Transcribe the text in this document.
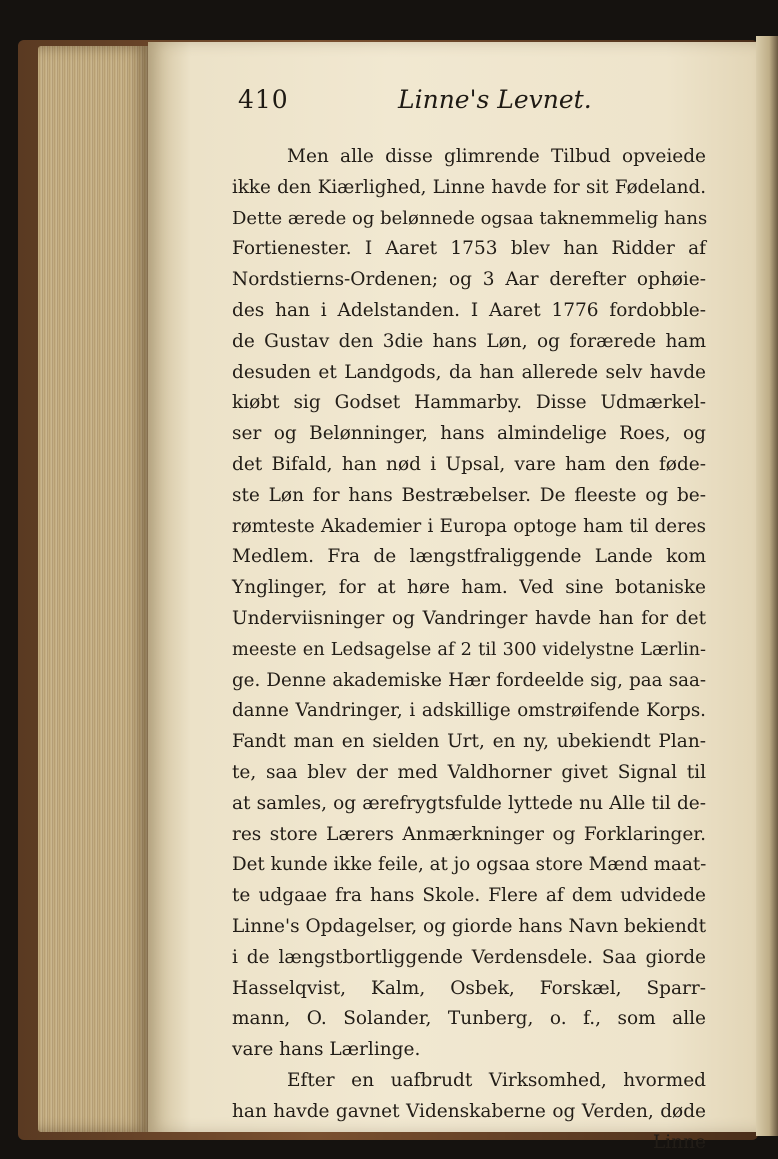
410	Linne's Levnet.
Men alle disse glimrende Tilbud opveiede
ikke den Kiærlighed, Linne havde for sit Fødeland.
Dette ærede og belønnede ogsaa taknemmelig hans
Fortienester. I Aaret 1753 blev han Ridder af
Nordstierns-Ordenen; og 3 Aar derefter ophøie-
des han i Adelstanden. I Aaret 1776 fordobble-
de Gustav den 3die hans Løn, og forærede ham
desuden et Landgods, da han allerede selv havde
kiøbt sig Godset Hammarby. Disse Udmærkel-
ser og Belønninger, hans almindelige Roes, og
det Bifald, han nød i Upsal, vare ham den føde-
ste Løn for hans Bestræbelser. De fleeste og be-
rømteste Akademier i Europa optoge ham til deres
Medlem. Fra de længstfraliggende Lande kom
Ynglinger, for at høre ham. Ved sine botaniske
Underviisninger og Vandringer havde han for det
meeste en Ledsagelse af 2 til 300 videlystne Lærlin-
ge. Denne akademiske Hær fordeelde sig, paa saa-
danne Vandringer, i adskillige omstrøifende Korps.
Fandt man en sielden Urt, en ny, ubekiendt Plan-
te, saa blev der med Valdhorner givet Signal til
at samles, og ærefrygtsfulde lyttede nu Alle til de-
res store Lærers Anmærkninger og Forklaringer.
Det kunde ikke feile, at jo ogsaa store Mænd maat-
te udgaae fra hans Skole. Flere af dem udvidede
Linne's Opdagelser, og giorde hans Navn bekiendt
i de længstbortliggende Verdensdele. Saa giorde
Hasselqvist, Kalm, Osbek, Forskæl, Sparr-
mann, O. Solander, Tunberg, o. f., som alle
vare hans Lærlinge.
Efter en uafbrudt Virksomhed, hvormed
han havde gavnet Videnskaberne og Verden, døde
Linne
